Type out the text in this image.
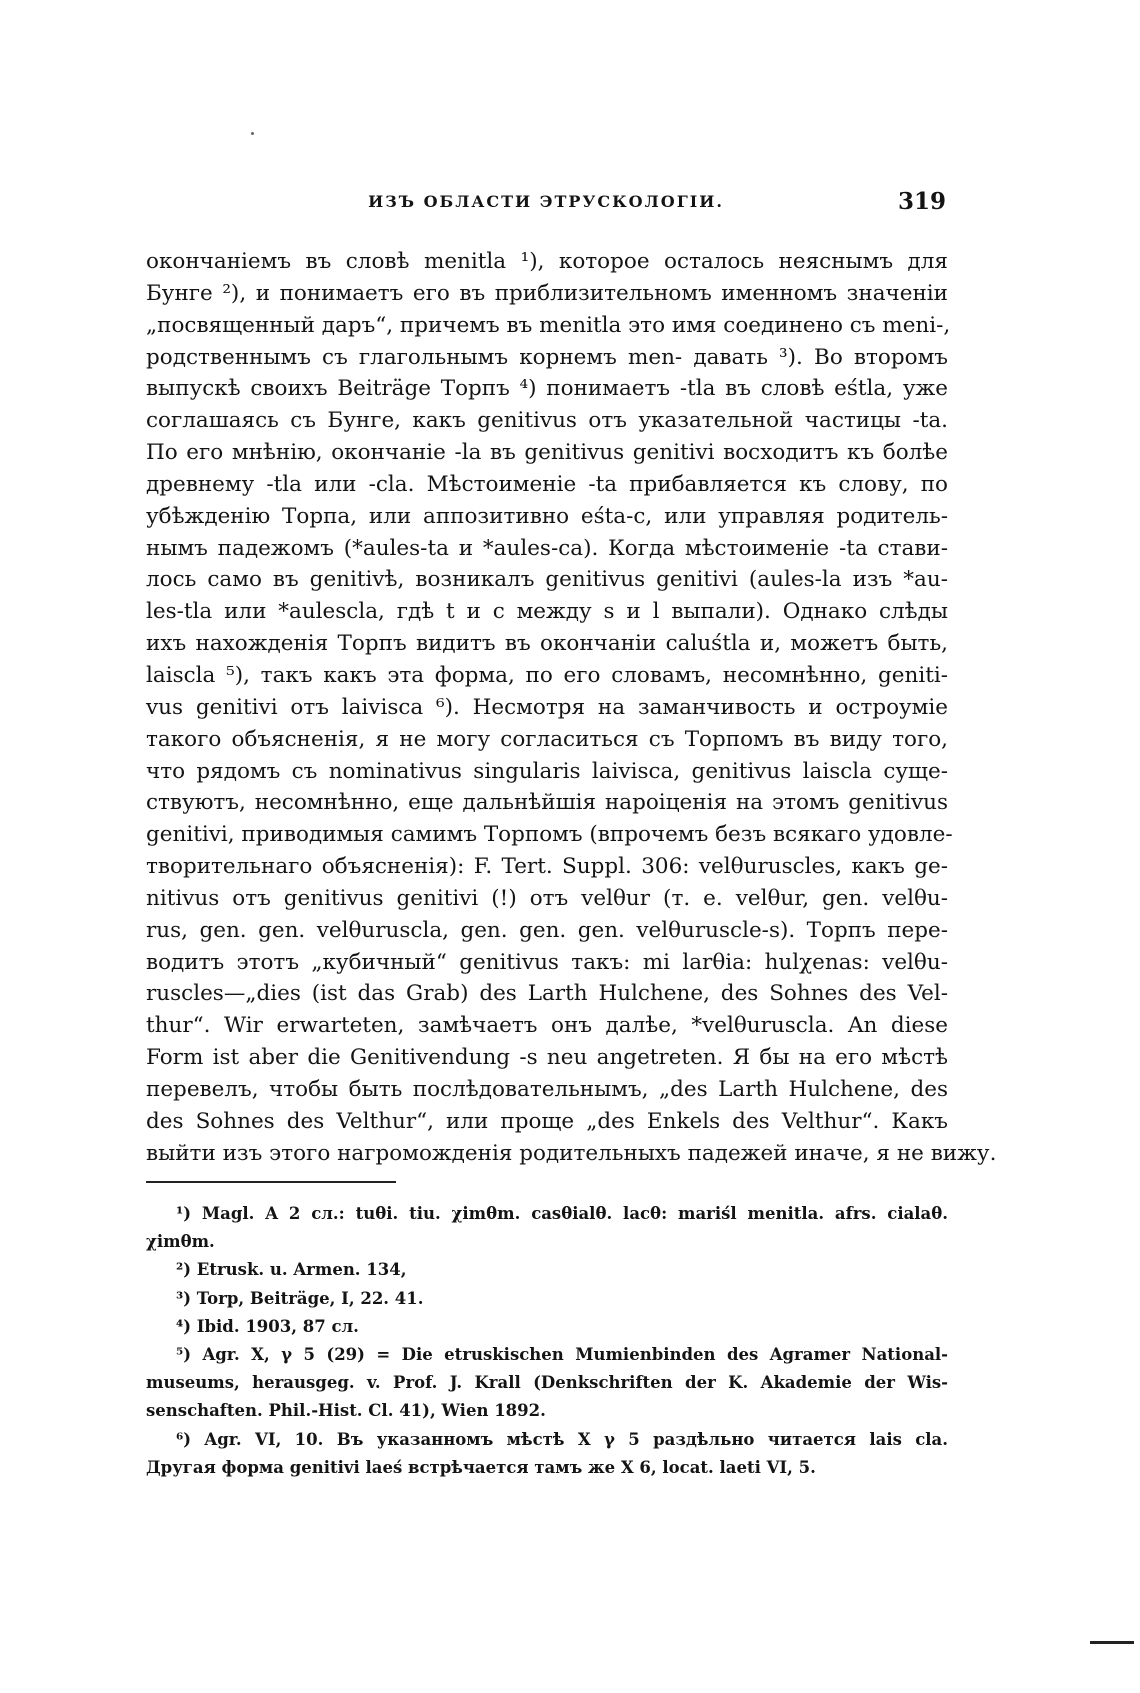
ИЗЪ ОБЛАСТИ ЭТРУСКОЛОГІИ.	319
окончаніемъ въ словѣ menitla ¹), которое осталось неяснымъ для
Бунге ²), и понимаетъ его въ приблизительномъ именномъ значеніи
„посвященный даръ“, причемъ въ menitla это имя соединено съ meni-,
родственнымъ съ глагольнымъ корнемъ men- давать ³). Во второмъ
выпускѣ своихъ Beiträge Торпъ ⁴) понимаетъ -tla въ словѣ eśtla, уже
соглашаясь съ Бунге, какъ genitivus отъ указательной частицы -ta.
По его мнѣнію, окончаніе -la въ genitivus genitivi восходитъ къ болѣе
древнему -tla или -cla. Мѣстоименіе -ta прибавляется къ слову, по
убѣжденію Торпа, или аппозитивно eśta-c, или управляя родитель-
нымъ падежомъ (*aules-ta и *aules-ca). Когда мѣстоименіе -ta стави-
лось само въ genitivѣ, возникалъ genitivus genitivi (aules-la изъ *au-
les-tla или *aulescla, гдѣ t и c между s и l выпали). Однако слѣды
ихъ нахожденія Торпъ видитъ въ окончаніи caluśtla и, можетъ быть,
laiscla ⁵), такъ какъ эта форма, по его словамъ, несомнѣнно, geniti-
vus genitivi отъ laivisca ⁶). Несмотря на заманчивость и остроуміе
такого объясненія, я не могу согласиться съ Торпомъ въ виду того,
что рядомъ съ nominativus singularis laivisca, genitivus laiscla суще-
ствуютъ, несомнѣнно, еще дальнѣйшія нароіценія на этомъ genitivus
genitivi, приводимыя самимъ Торпомъ (впрочемъ безъ всякаго удовле-
творительнаго объясненія): F. Tert. Suppl. 306: velθuruscles, какъ ge-
nitivus отъ genitivus genitivi (!) отъ velθur (т. е. velθur, gen. velθu-
rus, gen. gen. velθuruscla, gen. gen. gen. velθuruscle-s). Торпъ пере-
водитъ этотъ „кубичный“ genitivus такъ: mi larθia: hulχenas: velθu-
ruscles—„dies (ist das Grab) des Larth Hulchene, des Sohnes des Vel-
thur“. Wir erwarteten, замѣчаетъ онъ далѣе, *velθuruscla. An diese
Form ist aber die Genitivendung -s neu angetreten. Я бы на его мѣстѣ
перевелъ, чтобы быть послѣдовательнымъ, „des Larth Hulchene, des
des Sohnes des Velthur“, или проще „des Enkels des Velthur“. Какъ
выйти изъ этого нагроможденія родительныхъ падежей иначе, я не вижу.
¹) Magl. A 2 сл.: tuθi. tiu. χimθm. casθialθ. lacθ: mariśl menitla. afrs. cialaθ.
χimθm.
²) Etrusk. u. Armen. 134,
³) Torp, Beiträge, I, 22. 41.
⁴) Ibid. 1903, 87 сл.
⁵) Agr. X, γ 5 (29) = Die etruskischen Mumienbinden des Agramer National-
museums, herausgeg. v. Prof. J. Krall (Denkschriften der K. Akademie der Wis-
senschaften. Phil.-Hist. Cl. 41), Wien 1892.
⁶) Agr. VI, 10. Въ указанномъ мѣстѣ X γ 5 раздѣльно читается lais cla.
Другая форма genitivi laeś встрѣчается тамъ же X 6, locat. laeti VI, 5.
